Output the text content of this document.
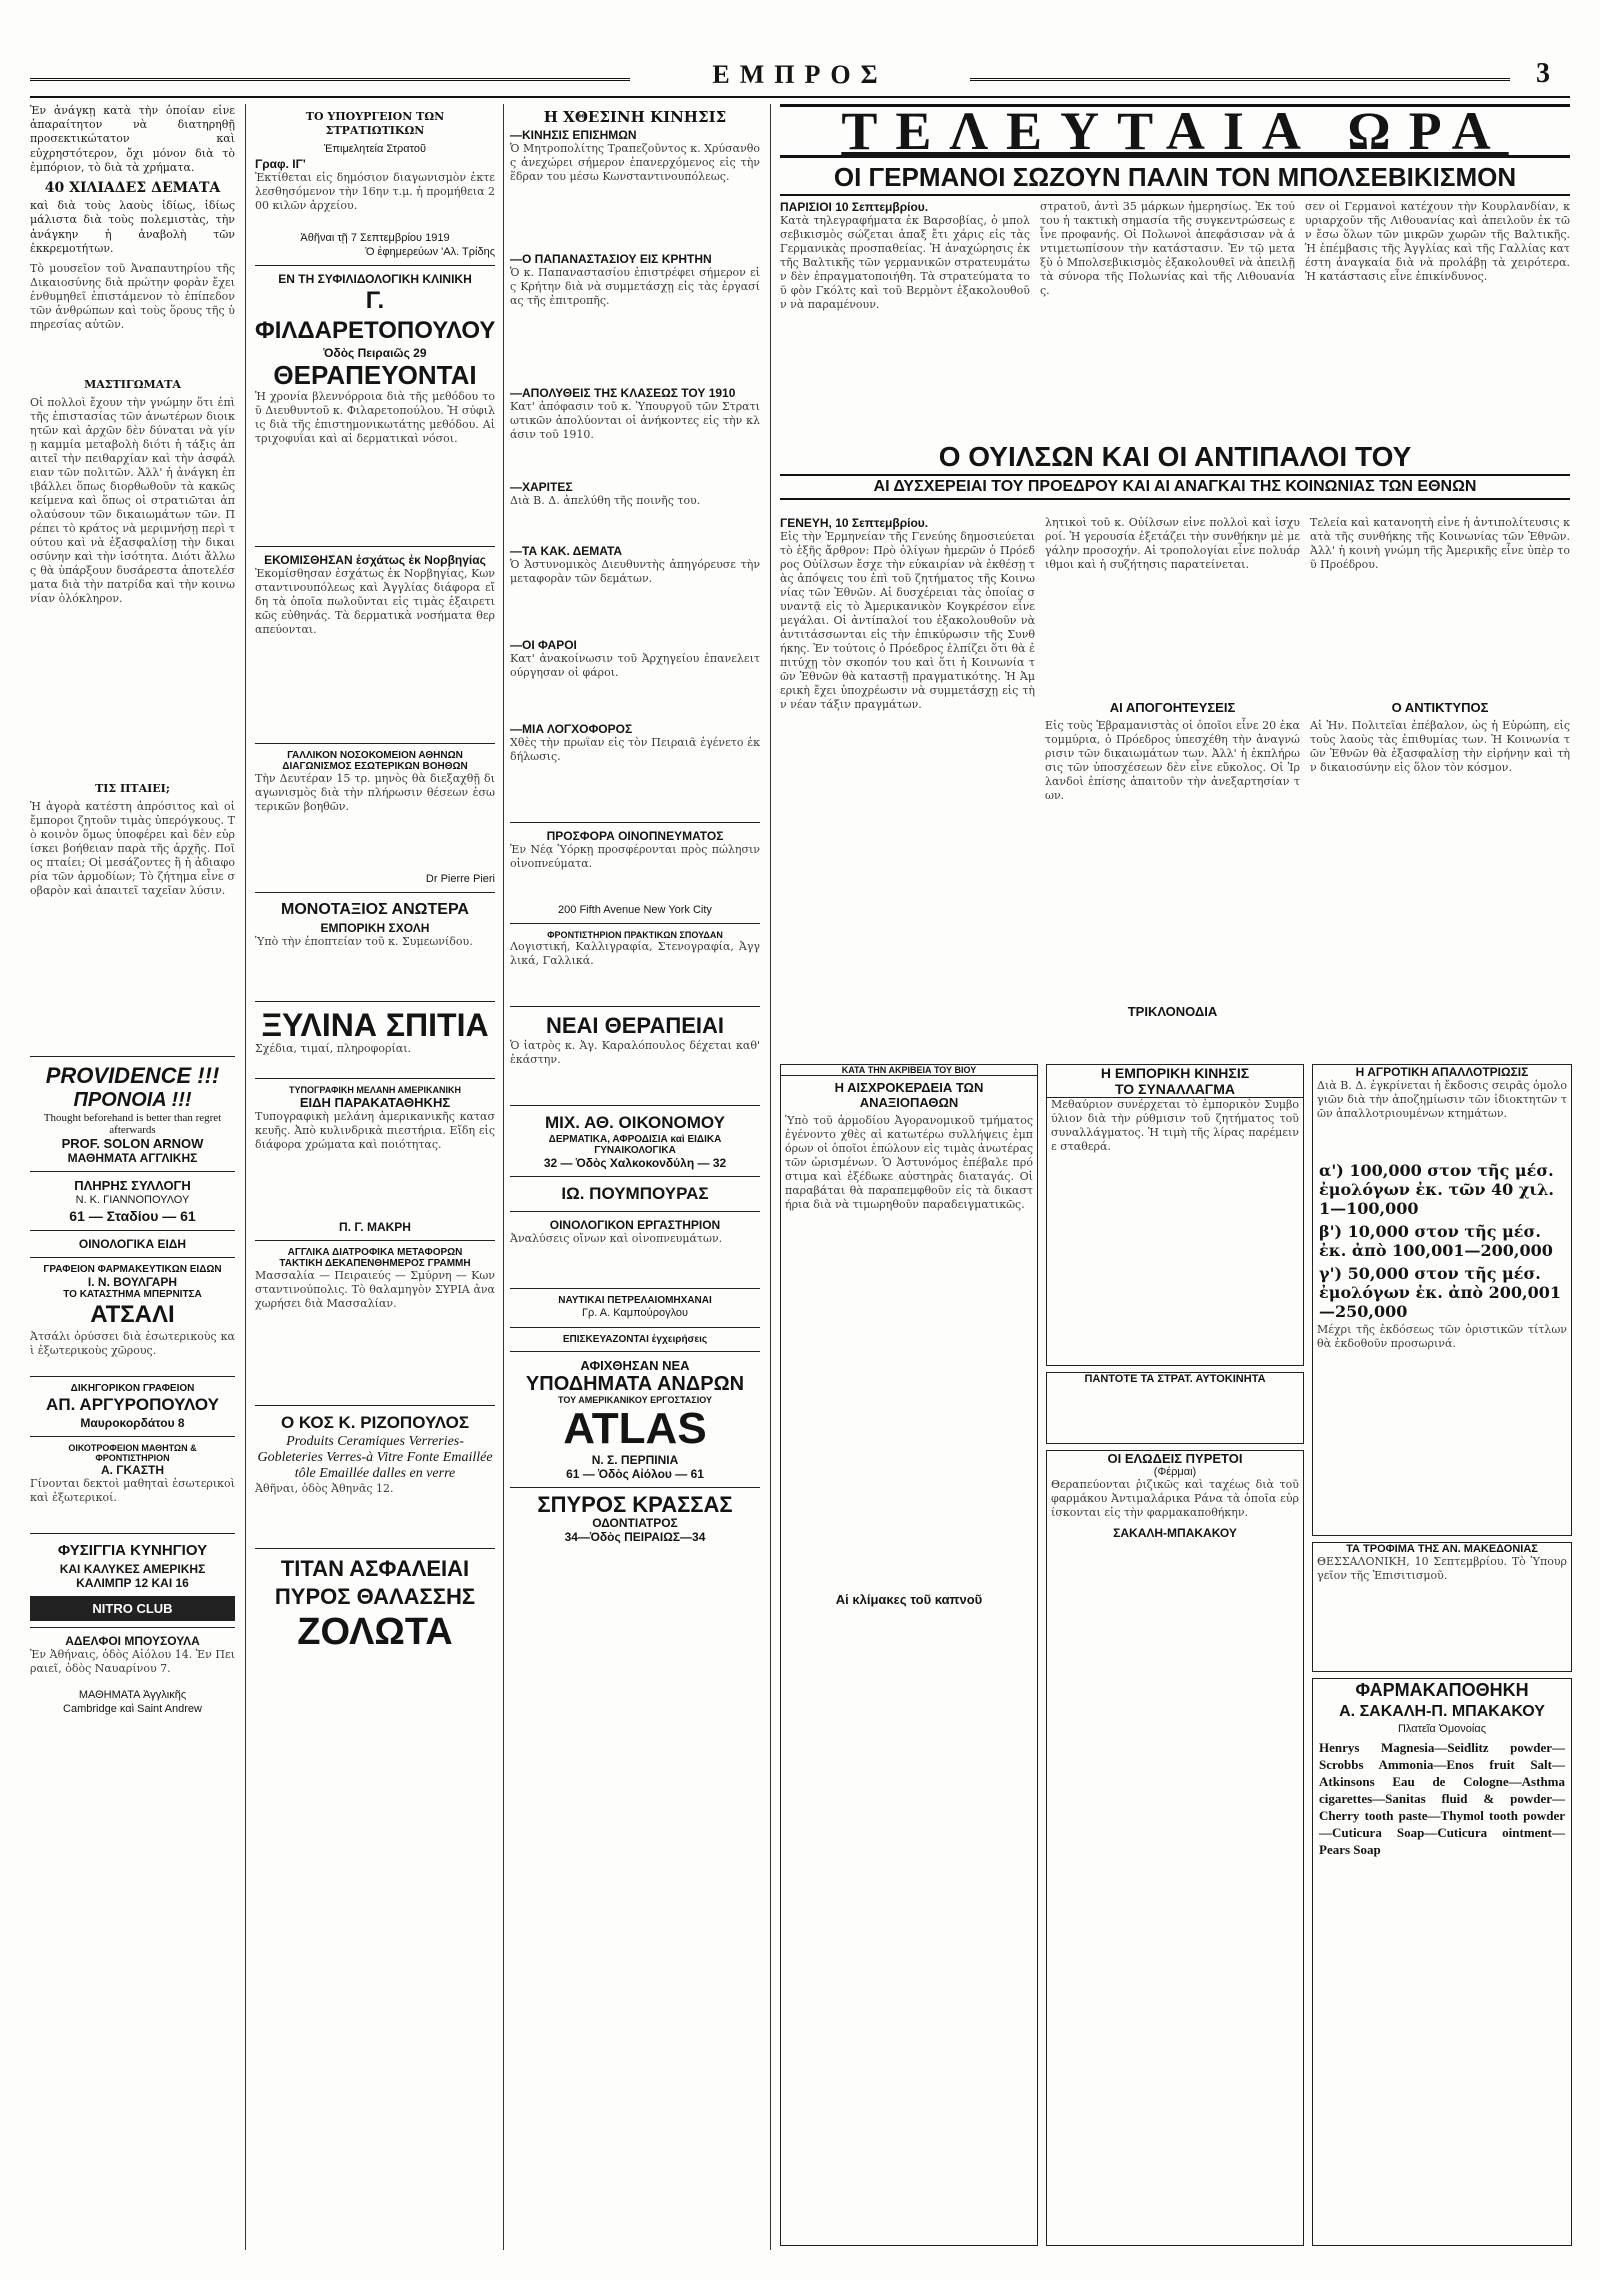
ΕΜΠΡΟΣ	3

Ἐν ἀνάγκῃ κατὰ τὴν ὁποίαν εἶνε ἀπαραίτητον νὰ διατηρηθῇ προσεκτικώτατον καὶ εὐχρηστότερον, ὄχι μόνον διὰ τὸ ἐμπόριον, τὸ διὰ τὰ χρήματα.

40 ΧΙΛΙΑΔΕΣ ΔΕΜΑΤΑ

καὶ διὰ τοὺς λαοὺς ἰδίως, ἰδίως μάλιστα διὰ τοὺς πολεμιστὰς, τὴν ἀνάγκην ἡ ἀναβολὴ τῶν ἐκκρεμοτήτων.

Τὸ μουσεῖον τοῦ Ἀναπαυτηρίου τῆς Δικαιοσύνης διὰ πρώτην φορὰν ἔχει ἐνθυμηθεῖ ἐπιστάμενον τὸ ἐπίπεδον τῶν ἀνθρώπων καὶ τοὺς ὅρους τῆς ὑπηρεσίας αὐτῶν.
ΜΑΣΤΙΓΩΜΑΤΑ
Οἱ πολλοὶ ἔχουν τὴν γνώμην ὅτι ἐπὶ τῆς ἐπιστασίας τῶν ἀνωτέρων διοικητῶν καὶ ἀρχῶν δὲν δύναται νὰ γίνῃ καμμία μεταβολὴ διότι ἡ τάξις ἀπαιτεῖ τὴν πειθαρχίαν καὶ τὴν ἀσφάλειαν τῶν πολιτῶν. Ἀλλ' ἡ ἀνάγκη ἐπιβάλλει ὅπως διορθωθοῦν τὰ κακῶς κείμενα καὶ ὅπως οἱ στρατιῶται ἀπολαύσουν τῶν δικαιωμάτων τῶν. Πρέπει τὸ κράτος νὰ μεριμνήσῃ περὶ τούτου καὶ νὰ ἐξασφαλίσῃ τὴν δικαιοσύνην καὶ τὴν ἰσότητα. Διότι ἄλλως θὰ ὑπάρξουν δυσάρεστα ἀποτελέσματα διὰ τὴν πατρίδα καὶ τὴν κοινωνίαν ὁλόκληρον.
ΤΙΣ ΠΤΑΙΕΙ;
Ἡ ἀγορὰ κατέστη ἀπρόσιτος καὶ οἱ ἔμποροι ζητοῦν τιμὰς ὑπερόγκους. Τὸ κοινὸν ὅμως ὑποφέρει καὶ δὲν εὑρίσκει βοήθειαν παρὰ τῆς ἀρχῆς. Ποῖος πταίει; Οἱ μεσάζοντες ἢ ἡ ἀδιαφορία τῶν ἁρμοδίων; Τὸ ζήτημα εἶνε σοβαρὸν καὶ ἀπαιτεῖ ταχεῖαν λύσιν.
PROVIDENCE !!!
ΠΡΟΝΟΙΑ !!!
Thought beforehand is better than regret afterwards
PROF. SOLON ARNOW
ΜΑΘΗΜΑΤΑ ΑΓΓΛΙΚΗΣ
ΠΛΗΡΗΣ ΣΥΛΛΟΓΗ
Ν. Κ. ΓΙΑΝΝΟΠΟΥΛΟΥ
61 — Σταδίου — 61
ΟΙΝΟΛΟΓΙΚΑ ΕΙΔΗ
ΓΡΑΦΕΙΟΝ ΦΑΡΜΑΚΕΥΤΙΚΩΝ ΕΙΔΩΝ
Ι. Ν. ΒΟΥΛΓΑΡΗ
ΤΟ ΚΑΤΑΣΤΗΜΑ ΜΠΕΡΝΙΤΣΑ
ΑΤΣΑΛΙ
Ἀτσάλι ὁρύσσει διὰ ἐσωτερικοὺς καὶ ἐξωτερικοὺς χῶρους.
ΔΙΚΗΓΟΡΙΚΟΝ ΓΡΑΦΕΙΟΝ
ΑΠ. ΑΡΓΥΡΟΠΟΥΛΟΥ
Μαυροκορδάτου 8
ΟΙΚΟΤΡΟΦΕΙΟΝ ΜΑΘΗΤΩΝ & ΦΡΟΝΤΙΣΤΗΡΙΟΝ
Α. ΓΚΑΣΤΗ
Γίνονται δεκτοὶ μαθηταὶ ἐσωτερικοὶ καὶ ἐξωτερικοί.
ΦΥΣΙΓΓΙΑ ΚΥΝΗΓΙΟΥ
ΚΑΙ ΚΑΛΥΚΕΣ ΑΜΕΡΙΚΗΣ
ΚΑΛΙΜΠΡ 12 ΚΑΙ 16
NITRO CLUB
ΑΔΕΛΦΟΙ ΜΠΟΥΣΟΥΛΑ
Ἐν Ἀθήναις, ὁδὸς Αἰόλου 14. Ἐν Πειραιεῖ, ὁδὸς Ναυαρίνου 7.
ΜΑΘΗΜΑΤΑ Ἀγγλικῆς
Cambridge καὶ Saint Andrew
ΤΟ ΥΠΟΥΡΓΕΙΟΝ ΤΩΝ ΣΤΡΑΤΙΩΤΙΚΩΝ
Ἐπιμελητεία Στρατοῦ
Γραφ. ΙΓ'
Ἐκτίθεται εἰς δημόσιον διαγωνισμὸν ἐκτελεσθησόμενον τὴν 16ην τ.μ. ἡ προμήθεια 200 κιλῶν ἀρχείου.
Ἀθῆναι τῇ 7 Σεπτεμβρίου 1919
Ὁ ἐφημερεύων 'Αλ. Τρίδης
ΕΝ ΤΗ ΣΥΦΙΛΙΔΟΛΟΓΙΚΗ ΚΛΙΝΙΚΗ
Γ. ΦΙΛΔΑΡΕΤΟΠΟΥΛΟΥ
Ὁδὸς Πειραιῶς 29
ΘΕΡΑΠΕΥΟΝΤΑΙ
Ἡ χρονία βλεννόρροια διὰ τῆς μεθόδου τοῦ Διευθυντοῦ κ. Φιλαρετοπούλου. Ἡ σύφιλις διὰ τῆς ἐπιστημονικωτάτης μεθόδου. Αἱ τριχοφυΐαι καὶ αἱ δερματικαὶ νόσοι.
ΕΚΟΜΙΣΘΗΣΑΝ ἐσχάτως ἐκ Νορβηγίας
Ἐκομίσθησαν ἐσχάτως ἐκ Νορβηγίας, Κωνσταντινουπόλεως καὶ Ἀγγλίας διάφορα εἴδη τὰ ὁποῖα πωλοῦνται εἰς τιμὰς ἐξαιρετικῶς εὐθηνάς. Τὰ δερματικὰ νοσήματα θεραπεύονται.
ΓΑΛΛΙΚΟΝ ΝΟΣΟΚΟΜΕΙΟΝ ΑΘΗΝΩΝ
ΔΙΑΓΩΝΙΣΜΟΣ ΕΣΩΤΕΡΙΚΩΝ ΒΟΗΘΩΝ
Τὴν Δευτέραν 15 τρ. μηνὸς θὰ διεξαχθῇ διαγωνισμὸς διὰ τὴν πλήρωσιν θέσεων ἐσωτερικῶν βοηθῶν.
Dr Pierre Pieri
ΜΟΝΟΤΑΞΙΟΣ ΑΝΩΤΕΡΑ
ΕΜΠΟΡΙΚΗ ΣΧΟΛΗ
Ὑπὸ τὴν ἐποπτείαν τοῦ κ. Συμεωνίδου.
ΞΥΛΙΝΑ ΣΠΙΤΙΑ
Σχέδια, τιμαί, πληροφορίαι.
ΤΥΠΟΓΡΑΦΙΚΗ ΜΕΛΑΝΗ ΑΜΕΡΙΚΑΝΙΚΗ
ΕΙΔΗ ΠΑΡΑΚΑΤΑΘΗΚΗΣ
Τυπογραφικὴ μελάνη ἀμερικανικῆς κατασκευῆς. Ἀπὸ κυλινδρικὰ πιεστήρια. Εἴδη εἰς διάφορα χρώματα καὶ ποιότητας.
Π. Γ. ΜΑΚΡΗ
ΑΓΓΛΙΚΑ ΔΙΑΤΡΟΦΙΚΑ ΜΕΤΑΦΟΡΩΝ
ΤΑΚΤΙΚΗ ΔΕΚΑΠΕΝΘΗΜΕΡΟΣ ΓΡΑΜΜΗ
Μασσαλία — Πειραιεύς — Σμύρνη — Κωνσταντινούπολις. Τὸ θαλαμηγὸν ΣΥΡΙΑ ἀναχωρήσει διὰ Μασσαλίαν.
Ο ΚΟΣ Κ. ΡΙΖΟΠΟΥΛΟΣ
Produits Ceramiques Verreries-Gobleteries Verres-à Vitre Fonte Emaillée tôle Emaillée dalles en verre
Ἀθῆναι, ὁδὸς Ἀθηνᾶς 12.
ΤΙΤΑΝ ΑΣΦΑΛΕΙΑΙ ΠΥΡΟΣ ΘΑΛΑΣΣΗΣ
ΖΟΛΩΤΑ
Η ΧΘΕΣΙΝΗ ΚΙΝΗΣΙΣ
—ΚΙΝΗΣΙΣ ΕΠΙΣΗΜΩΝ
Ὁ Μητροπολίτης Τραπεζοῦντος κ. Χρύσανθος ἀνεχώρει σήμερον ἐπανερχόμενος εἰς τὴν ἕδραν του μέσω Κωνσταντινουπόλεως.
—Ο ΠΑΠΑΝΑΣΤΑΣΙΟΥ ΕΙΣ ΚΡΗΤΗΝ
Ὁ κ. Παπαναστασίου ἐπιστρέφει σήμερον εἰς Κρήτην διὰ νὰ συμμετάσχῃ εἰς τὰς ἐργασίας τῆς ἐπιτροπῆς.
—ΑΠΟΛΥΘΕΙΣ ΤΗΣ ΚΛΑΣΕΩΣ ΤΟΥ 1910
Κατ' ἀπόφασιν τοῦ κ. Ὑπουργοῦ τῶν Στρατιωτικῶν ἀπολύονται οἱ ἀνήκοντες εἰς τὴν κλάσιν τοῦ 1910.
—ΧΑΡΙΤΕΣ
Διὰ Β. Δ. ἀπελύθη τῆς ποινῆς του.
—ΤΑ ΚΑΚ. ΔΕΜΑΤΑ
Ὁ Ἀστυνομικὸς Διευθυντὴς ἀπηγόρευσε τὴν μεταφορὰν τῶν δεμάτων.
—ΟΙ ΦΑΡΟΙ
Κατ' ἀνακοίνωσιν τοῦ Ἀρχηγείου ἐπανελειτούργησαν οἱ φάροι.
—ΜΙΑ ΛΟΓΧΟΦΟΡΟΣ
Χθὲς τὴν πρωΐαν εἰς τὸν Πειραιᾶ ἐγένετο ἐκδήλωσις.
ΠΡΟΣΦΟΡΑ ΟΙΝΟΠΝΕΥΜΑΤΟΣ
Ἐν Νέᾳ Ὑόρκῃ προσφέρονται πρὸς πώλησιν οἰνοπνεύματα.
200 Fifth Avenue New York City
ΦΡΟΝΤΙΣΤΗΡΙΟΝ ΠΡΑΚΤΙΚΩΝ ΣΠΟΥΔΑΝ
Λογιστική, Καλλιγραφία, Στενογραφία, Ἀγγλικά, Γαλλικά.
ΝΕΑΙ ΘΕΡΑΠΕΙΑΙ
Ὁ ἰατρὸς κ. Ἀγ. Καραλόπουλος δέχεται καθ' ἑκάστην.
ΜΙΧ. ΑΘ. ΟΙΚΟΝΟΜΟΥ
ΔΕΡΜΑΤΙΚΑ, ΑΦΡΟΔΙΣΙΑ καὶ ΕΙΔΙΚΑ ΓΥΝΑΙΚΟΛΟΓΙΚΑ
32 — Ὁδὸς Χαλκοκονδύλη — 32
ΙΩ. ΠΟΥΜΠΟΥΡΑΣ
ΟΙΝΟΛΟΓΙΚΟΝ ΕΡΓΑΣΤΗΡΙΟΝ
Ἀναλύσεις οἴνων καὶ οἰνοπνευμάτων.
ΝΑΥΤΙΚΑΙ ΠΕΤΡΕΛΑΙΟΜΗΧΑΝΑΙ
Γρ. Α. Καμπούρογλου
ΕΠΙΣΚΕΥΑΖΟΝΤΑΙ ἐγχειρήσεις
ΑΦΙΧΘΗΣΑΝ ΝΕΑ
ΥΠΟΔΗΜΑΤΑ ΑΝΔΡΩΝ
ΤΟΥ ΑΜΕΡΙΚΑΝΙΚΟΥ ΕΡΓΟΣΤΑΣΙΟΥ
ATLAS
Ν. Σ. ΠΕΡΠΙΝΙΑ
61 — Ὁδὸς Αἰόλου — 61
ΣΠΥΡΟΣ ΚΡΑΣΣΑΣ
ΟΔΟΝΤΙΑΤΡΟΣ
34—Ὁδὸς ΠΕΙΡΑΙΩΣ—34
ΤΕΛΕΥΤΑΙΑ ΩΡΑ
ΟΙ ΓΕΡΜΑΝΟΙ ΣΩΖΟΥΝ ΠΑΛΙΝ ΤΟΝ ΜΠΟΛΣΕΒΙΚΙΣΜΟΝ
ΠΑΡΙΣΙΟΙ 10 Σεπτεμβρίου.
Κατὰ τηλεγραφήματα ἐκ Βαρσοβίας, ὁ μπολσεβικισμὸς σώζεται ἀπαξ ἔτι χάρις εἰς τὰς Γερμανικὰς προσπαθείας. Ἡ ἀναχώρησις ἐκ τῆς Βαλτικῆς τῶν γερμανικῶν στρατευμάτων δὲν ἐπραγματοποιήθη. Τὰ στρατεύματα τοῦ φὸν Γκόλτς καὶ τοῦ Βερμὸντ ἐξακολουθοῦν νὰ παραμένουν.
στρατοῦ, ἀντὶ 35 μάρκων ἡμερησίως. Ἐκ τούτου ἡ τακτικὴ σημασία τῆς συγκεντρώσεως εἶνε προφανής. Οἱ Πολωνοὶ ἀπεφάσισαν νὰ ἀντιμετωπίσουν τὴν κατάστασιν. Ἐν τῷ μεταξὺ ὁ Μπολσεβικισμὸς ἐξακολουθεῖ νὰ ἀπειλῇ τὰ σύνορα τῆς Πολωνίας καὶ τῆς Λιθουανίας.
σεν οἱ Γερμανοὶ κατέχουν τὴν Κουρλανδίαν, κυριαρχοῦν τῆς Λιθουανίας καὶ ἀπειλοῦν ἐκ τῶν ἔσω ὅλων τῶν μικρῶν χωρῶν τῆς Βαλτικῆς. Ἡ ἐπέμβασις τῆς Ἀγγλίας καὶ τῆς Γαλλίας κατέστη ἀναγκαία διὰ νὰ προλάβῃ τὰ χειρότερα. Ἡ κατάστασις εἶνε ἐπικίνδυνος.
Ο ΟΥΙΛΣΩΝ ΚΑΙ ΟΙ ΑΝΤΙΠΑΛΟΙ ΤΟΥ
ΑΙ ΔΥΣΧΕΡΕΙΑΙ ΤΟΥ ΠΡΟΕΔΡΟΥ ΚΑΙ ΑΙ ΑΝΑΓΚΑΙ ΤΗΣ ΚΟΙΝΩΝΙΑΣ ΤΩΝ ΕΘΝΩΝ
ΓΕΝΕΥΗ, 10 Σεπτεμβρίου.
Εἰς τὴν Ἑρμηνείαν τῆς Γενεύης δημοσιεύεται τὸ ἑξῆς ἄρθρον: Πρὸ ὀλίγων ἡμερῶν ὁ Πρόεδρος Οὐίλσων ἔσχε τὴν εὐκαιρίαν νὰ ἐκθέσῃ τὰς ἀπόψεις του ἐπὶ τοῦ ζητήματος τῆς Κοινωνίας τῶν Ἐθνῶν. Αἱ δυσχέρειαι τὰς ὁποίας συναντᾷ εἰς τὸ Ἀμερικανικὸν Κογκρέσον εἶνε μεγάλαι. Οἱ ἀντίπαλοί του ἐξακολουθοῦν νὰ ἀντιτάσσωνται εἰς τὴν ἐπικύρωσιν τῆς Συνθήκης. Ἐν τούτοις ὁ Πρόεδρος ἐλπίζει ὅτι θὰ ἐπιτύχῃ τὸν σκοπόν του καὶ ὅτι ἡ Κοινωνία τῶν Ἐθνῶν θὰ καταστῇ πραγματικότης. Ἡ Ἀμερικὴ ἔχει ὑποχρέωσιν νὰ συμμετάσχῃ εἰς τὴν νέαν τάξιν πραγμάτων.
λητικοὶ τοῦ κ. Οὐίλσων εἶνε πολλοὶ καὶ ἰσχυροί. Ἡ γερουσία ἐξετάζει τὴν συνθήκην μὲ μεγάλην προσοχήν. Αἱ τροπολογίαι εἶνε πολυάριθμοι καὶ ἡ συζήτησις παρατείνεται.
ΑΙ ΑΠΟΓΟΗΤΕΥΣΕΙΣ
Εἰς τοὺς Ἑβραμανιστὰς οἱ ὁποῖοι εἶνε 20 ἑκατομμύρια, ὁ Πρόεδρος ὑπεσχέθη τὴν ἀναγνώρισιν τῶν δικαιωμάτων των. Ἀλλ' ἡ ἐκπλήρωσις τῶν ὑποσχέσεων δὲν εἶνε εὔκολος. Οἱ Ἰρλανδοὶ ἐπίσης ἀπαιτοῦν τὴν ἀνεξαρτησίαν των.
Τελεία καὶ κατανοητὴ εἶνε ἡ ἀντιπολίτευσις κατὰ τῆς συνθήκης τῆς Κοινωνίας τῶν Ἐθνῶν. Ἀλλ' ἡ κοινὴ γνώμη τῆς Ἀμερικῆς εἶνε ὑπὲρ τοῦ Προέδρου.
Ο ΑΝΤΙΚΤΥΠΟΣ
Αἱ Ἡν. Πολιτεῖαι ἐπέβαλον, ὡς ἡ Εὐρώπη, εἰς τοὺς λαοὺς τὰς ἐπιθυμίας των. Ἡ Κοινωνία τῶν Ἐθνῶν θὰ ἐξασφαλίσῃ τὴν εἰρήνην καὶ τὴν δικαιοσύνην εἰς ὅλον τὸν κόσμον.
ΤΡΙΚΛΟΝΟΔΙΑ
ΚΑΤΑ ΤΗΝ ΑΚΡΙΒΕΙΑ ΤΟΥ ΒΙΟΥ
Η ΑΙΣΧΡΟΚΕΡΔΕΙΑ ΤΩΝ ΑΝΑΞΙΟΠΑΘΩΝ
Ὑπὸ τοῦ ἁρμοδίου Ἀγορανομικοῦ τμήματος ἐγένοντο χθὲς αἱ κατωτέρω συλλήψεις ἐμπόρων οἱ ὁποῖοι ἐπώλουν εἰς τιμὰς ἀνωτέρας τῶν ὡρισμένων. Ὁ Ἀστυνόμος ἐπέβαλε πρόστιμα καὶ ἐξέδωκε αὐστηρὰς διαταγάς. Οἱ παραβάται θὰ παραπεμφθοῦν εἰς τὰ δικαστήρια διὰ νὰ τιμωρηθοῦν παραδειγματικῶς.
Αἱ κλίμακες τοῦ καπνοῦ
Η ΕΜΠΟΡΙΚΗ ΚΙΝΗΣΙΣ
ΤΟ ΣΥΝΑΛΛΑΓΜΑ
Μεθαύριον συνέρχεται τὸ ἐμπορικὸν Συμβούλιον διὰ τὴν ρύθμισιν τοῦ ζητήματος τοῦ συναλλάγματος. Ἡ τιμὴ τῆς λίρας παρέμεινε σταθερά.
ΠΑΝΤΟΤΕ ΤΑ ΣΤΡΑΤ. ΑΥΤΟΚΙΝΗΤΑ
ΟΙ ΕΛΩΔΕΙΣ ΠΥΡΕΤΟΙ
(Φέρμαι)
Θεραπεύονται ῥιζικῶς καὶ ταχέως διὰ τοῦ φαρμάκου Ἀντιμαλάρικα Ράνα τὰ ὁποῖα εὑρίσκονται εἰς τὴν φαρμακαποθήκην.
ΣΑΚΑΛΗ-ΜΠΑΚΑΚΟΥ
Η ΑΓΡΟΤΙΚΗ ΑΠΑΛΛΟΤΡΙΩΣΙΣ
Διὰ Β. Δ. ἐγκρίνεται ἡ ἔκδοσις σειρᾶς ὁμολογιῶν διὰ τὴν ἀποζημίωσιν τῶν ἰδιοκτητῶν τῶν ἀπαλλοτριουμένων κτημάτων.
α') 100,000 στον τῆς μέσ. ἐμολόγων ἐκ. τῶν 40 χιλ. 1—100,000
β') 10,000 στον τῆς μέσ. ἐκ. ἀπὸ 100,001—200,000
γ') 50,000 στον τῆς μέσ. ἐμολόγων ἐκ. ἀπὸ 200,001—250,000
Μέχρι τῆς ἐκδόσεως τῶν ὁριστικῶν τίτλων θὰ ἐκδοθοῦν προσωρινά.
ΤΑ ΤΡΟΦΙΜΑ ΤΗΣ ΑΝ. ΜΑΚΕΔΟΝΙΑΣ
ΘΕΣΣΑΛΟΝΙΚΗ, 10 Σεπτεμβρίου. Τὸ Ὑπουργεῖον τῆς Ἐπισιτισμοῦ.
ΦΑΡΜΑΚΑΠΟΘΗΚΗ
Α. ΣΑΚΑΛΗ-Π. ΜΠΑΚΑΚΟΥ
Πλατεῖα Ὁμονοίας
Henrys Magnesia—Seidlitz powder—Scrobbs Ammonia—Enos fruit Salt—Atkinsons Eau de Cologne—Asthma cigarettes—Sanitas fluid & powder—Cherry tooth paste—Thymol tooth powder—Cuticura Soap—Cuticura ointment—Pears Soap
